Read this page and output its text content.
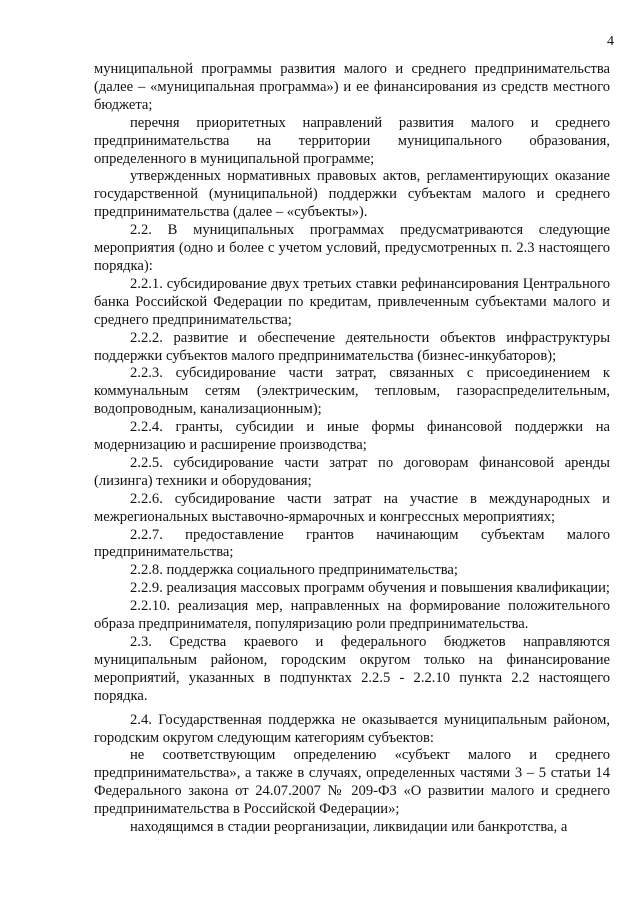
4

муниципальной программы развития малого и среднего предпринимательства (далее – «муниципальная программа») и ее финансирования из средств местного бюджета;

перечня приоритетных направлений развития малого и среднего предпринимательства на территории муниципального образования, определенного в муниципальной программе;

утвержденных нормативных правовых актов, регламентирующих оказание государственной (муниципальной) поддержки субъектам малого и среднего предпринимательства (далее – «субъекты»).

2.2. В муниципальных программах предусматриваются следующие мероприятия (одно и более с учетом условий, предусмотренных п. 2.3 настоящего порядка):

2.2.1. субсидирование двух третьих ставки рефинансирования Центрального банка Российской Федерации по кредитам, привлеченным субъектами малого и среднего предпринимательства;

2.2.2. развитие и обеспечение деятельности объектов инфраструктуры поддержки субъектов малого предпринимательства (бизнес-инкубаторов);

2.2.3. субсидирование части затрат, связанных с присоединением к коммунальным сетям (электрическим, тепловым, газораспределительным, водопроводным, канализационным);

2.2.4. гранты, субсидии и иные формы финансовой поддержки на модернизацию и расширение производства;

2.2.5. субсидирование части затрат по договорам финансовой аренды (лизинга) техники и оборудования;

2.2.6. субсидирование части затрат на участие в международных и межрегиональных выставочно-ярмарочных и конгрессных мероприятиях;

2.2.7. предоставление грантов начинающим субъектам малого предпринимательства;

2.2.8. поддержка социального предпринимательства;

2.2.9. реализация массовых программ обучения и повышения квалификации;

2.2.10. реализация мер, направленных на формирование положительного образа предпринимателя, популяризацию роли предпринимательства.

2.3. Средства краевого и федерального бюджетов направляются муниципальным районом, городским округом только на финансирование мероприятий, указанных в подпунктах 2.2.5 - 2.2.10 пункта 2.2 настоящего порядка.

2.4. Государственная поддержка не оказывается муниципальным районом, городским округом следующим категориям субъектов:

не соответствующим определению «субъект малого и среднего предпринимательства», а также в случаях, определенных частями 3 – 5 статьи 14 Федерального закона от 24.07.2007 № 209-ФЗ «О развитии малого и среднего предпринимательства в Российской Федерации»;

находящимся в стадии реорганизации, ликвидации или банкротства, а
